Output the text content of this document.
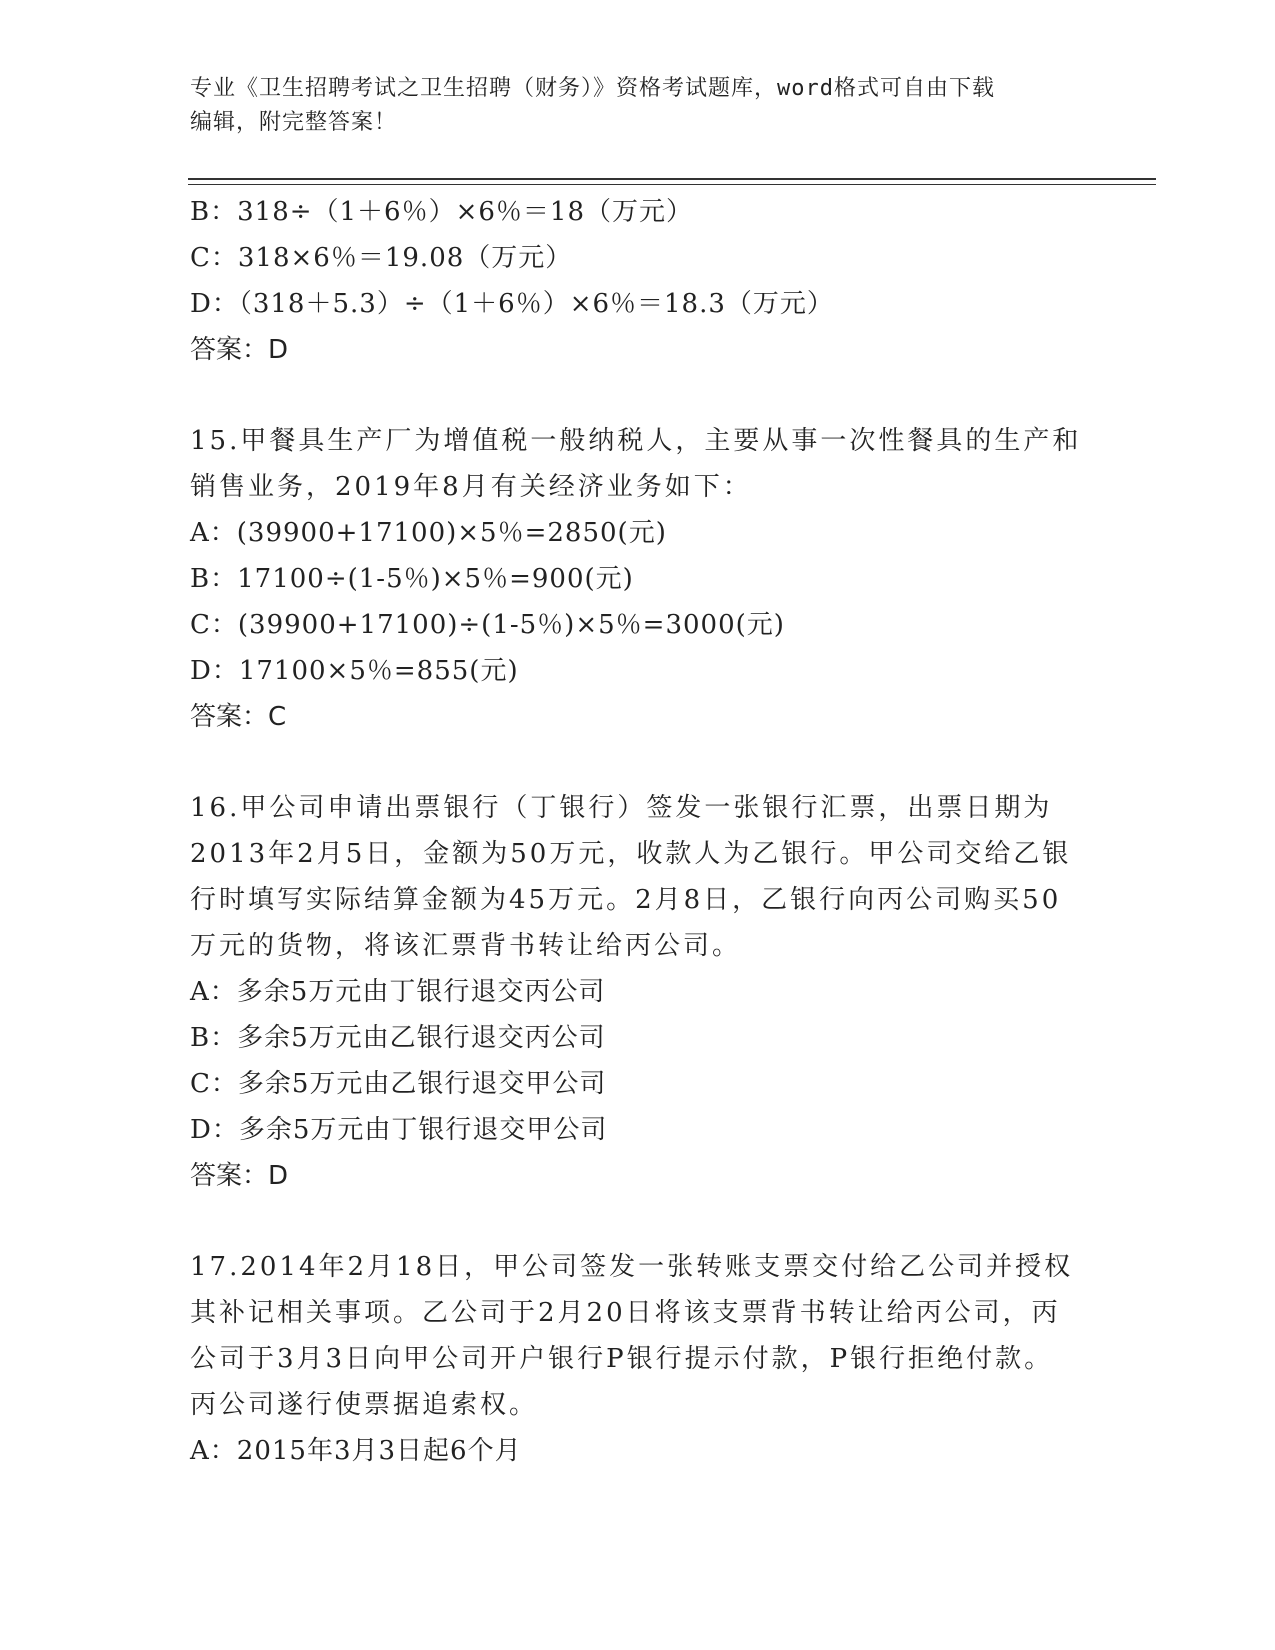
专业《卫生招聘考试之卫生招聘（财务）》资格考试题库，word格式可自由下载
编辑，附完整答案！
B：318÷（1＋6％）×6％＝18（万元）
C：318×6％＝19.08（万元）
D：（318＋5.3）÷（1＋6％）×6％＝18.3（万元）
答案：D
15.甲餐具生产厂为增值税一般纳税人，主要从事一次性餐具的生产和
销售业务，2019年8月有关经济业务如下：
A：(39900+17100)×5％=2850(元)
B：17100÷(1-5％)×5％=900(元)
C：(39900+17100)÷(1-5％)×5％=3000(元)
D：17100×5％=855(元)
答案：C
16.甲公司申请出票银行（丁银行）签发一张银行汇票，出票日期为
2013年2月5日，金额为50万元，收款人为乙银行。甲公司交给乙银
行时填写实际结算金额为45万元。2月8日，乙银行向丙公司购买50
万元的货物，将该汇票背书转让给丙公司。
A：多余5万元由丁银行退交丙公司
B：多余5万元由乙银行退交丙公司
C：多余5万元由乙银行退交甲公司
D：多余5万元由丁银行退交甲公司
答案：D
17.2014年2月18日，甲公司签发一张转账支票交付给乙公司并授权
其补记相关事项。乙公司于2月20日将该支票背书转让给丙公司，丙
公司于3月3日向甲公司开户银行P银行提示付款，P银行拒绝付款。
丙公司遂行使票据追索权。
A：2015年3月3日起6个月
